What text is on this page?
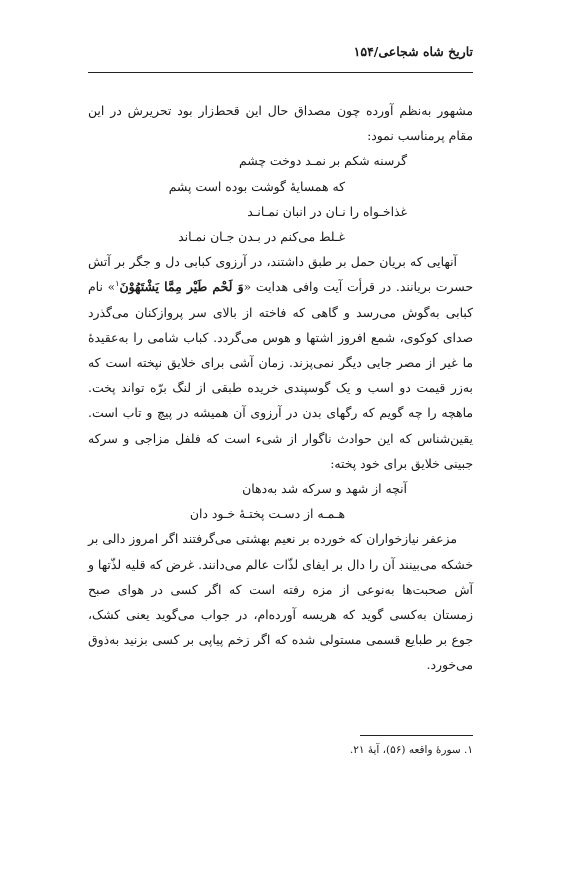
تاریخ شاه شجاعی/۱۵۴

مشهور به‌نظم آورده چون مصداق حال این قحط‌زار بود تحریرش در این مقام پرمناسب نمود:

گرسنه شکم بر نمـد دوخت چشم
که همسایهٔ گوشت بوده است پشم
غذاخـواه را نـان در انبان نمـانـد
غـلط می‌کنم در بـدن جـان نمـاند

آنهایی که بریان حمل بر طبق داشتند، در آرزوی کبابی دل و جگر بر آتش حسرت بریانند. در قرأت آیت وافی هدایت «وَ لَحْم طَیْر مِمَّا یَشْتَهُوْنَ$^۱$» نام کبابی به‌گوش می‌رسد و گاهی که فاخته از بالای سر پروازکنان می‌گذرد صدای کوکوی، شمع افروز اشتها و هوس می‌گردد. کباب شامی را به‌عقیدهٔ ما غیر از مصر جایی دیگر نمی‌پزند. زمان آشی برای خلایق نپخته است که به‌زر قیمت دو اسب و یک گوسپندی خریده طبقی از لنگ برّه تواند پخت. ماهچه را چه گویم که رگهای بدن در آرزوی آن همیشه در پیچ و تاب است. یقین‌شناس که این حوادث ناگوار از شیء است که فلفل مزاجی و سرکه جبینی خلایق برای خود پخته:

آنچه از شهد و سرکه شد به‌دهان
هـمـه از دسـت پختـهٔ خـود دان

مزعفر نیازخواران که خورده بر نعیم بهشتی می‌گرفتند اگر امروز دالی بر خشکه می‌بینند آن را دال بر ایفای لذّات عالم می‌دانند. غرض که قلیه لذّتها و آش صحبت‌ها به‌نوعی از مزه رفته است که اگر کسی در هوای صبح زمستان به‌کسی گوید که هریسه آورده‌ام، در جواب می‌گوید یعنی کشک، جوع بر طبایع قسمی مستولی شده که اگر زخم پیاپی بر کسی بزنید به‌ذوق می‌خورد.

۱. سورهٔ واقعه (۵۶)، آیهٔ ۲۱.
